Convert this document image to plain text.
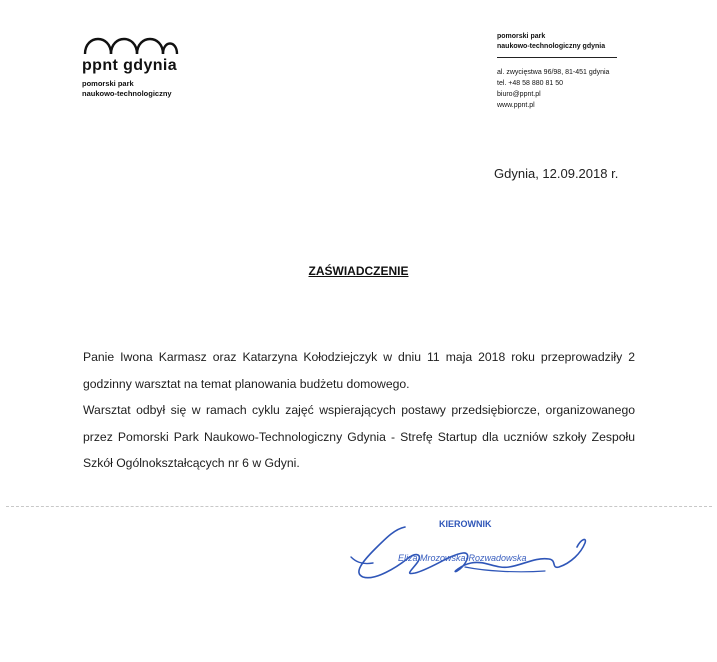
ppnt gdynia
pomorski park
naukowo-technologiczny
pomorski park
naukowo-technologiczny gdynia
al. zwycięstwa 96/98, 81-451 gdynia
tel. +48 58 880 81 50
biuro@ppnt.pl
www.ppnt.pl
Gdynia, 12.09.2018 r.
ZAŚWIADCZENIE

Panie Iwona Karmasz oraz Katarzyna Kołodziejczyk w dniu 11 maja 2018 roku przeprowadziły 2 godzinny warsztat na temat planowania budżetu domowego.

Warsztat odbył się w ramach cyklu zajęć wspierających postawy przedsiębiorcze, organizowanego przez Pomorski Park Naukowo-Technologiczny Gdynia - Strefę Startup dla uczniów szkoły Zespołu Szkół Ogólnokształcących nr 6 w Gdyni.

KIEROWNIK
Eliza Mrozowska-Rozwadowska
